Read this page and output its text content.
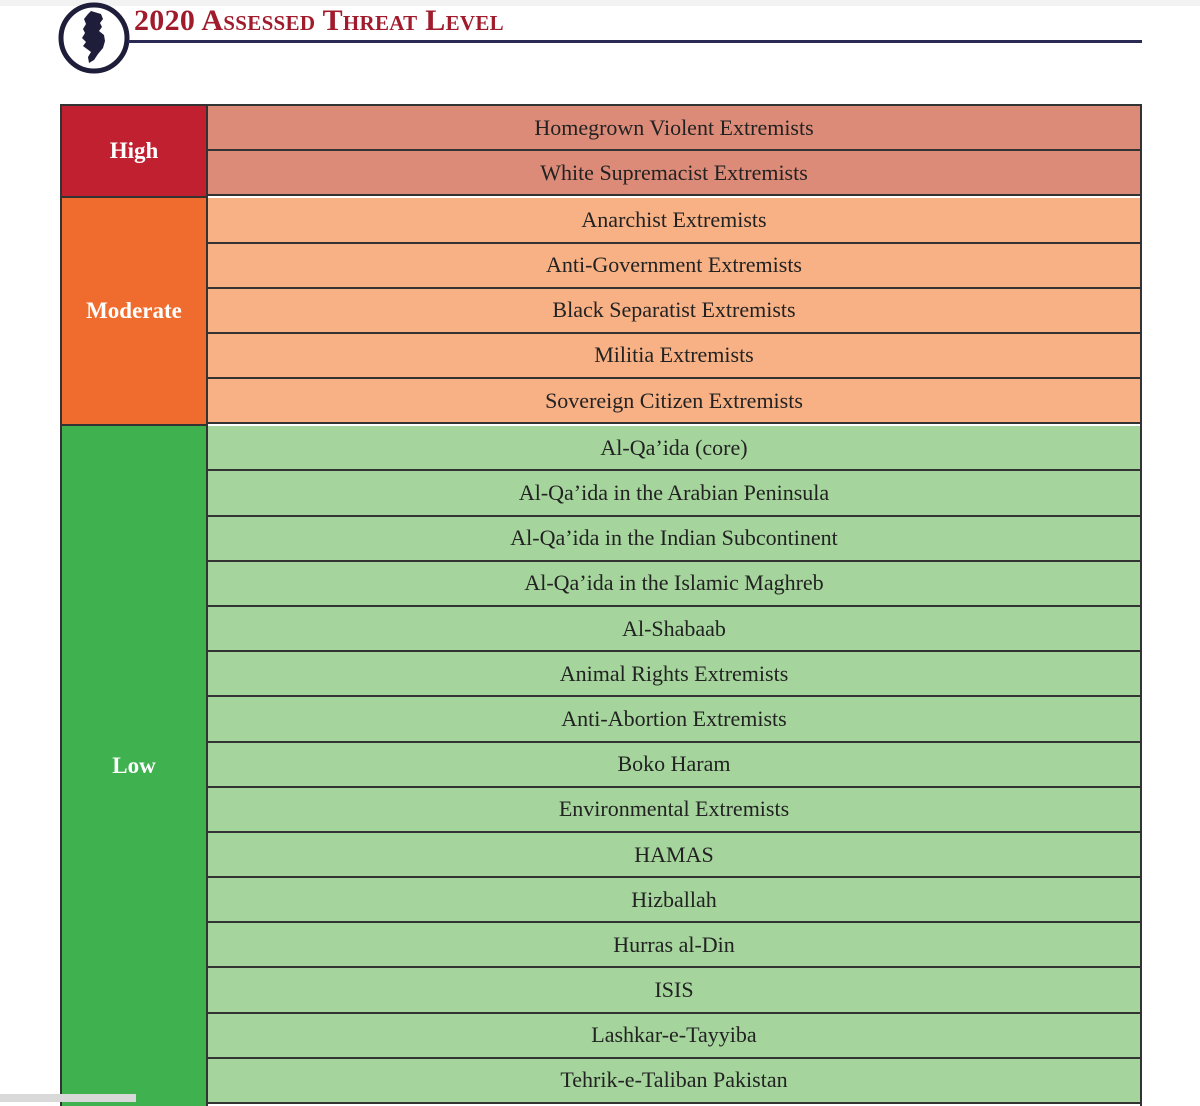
2020 Assessed Threat Level
High
Homegrown Violent Extremists
White Supremacist Extremists
Moderate
Anarchist Extremists
Anti-Government Extremists
Black Separatist Extremists
Militia Extremists
Sovereign Citizen Extremists
Low
Al-Qa’ida (core)
Al-Qa’ida in the Arabian Peninsula
Al-Qa’ida in the Indian Subcontinent
Al-Qa’ida in the Islamic Maghreb
Al-Shabaab
Animal Rights Extremists
Anti-Abortion Extremists
Boko Haram
Environmental Extremists
HAMAS
Hizballah
Hurras al-Din
ISIS
Lashkar-e-Tayyiba
Tehrik-e-Taliban Pakistan
